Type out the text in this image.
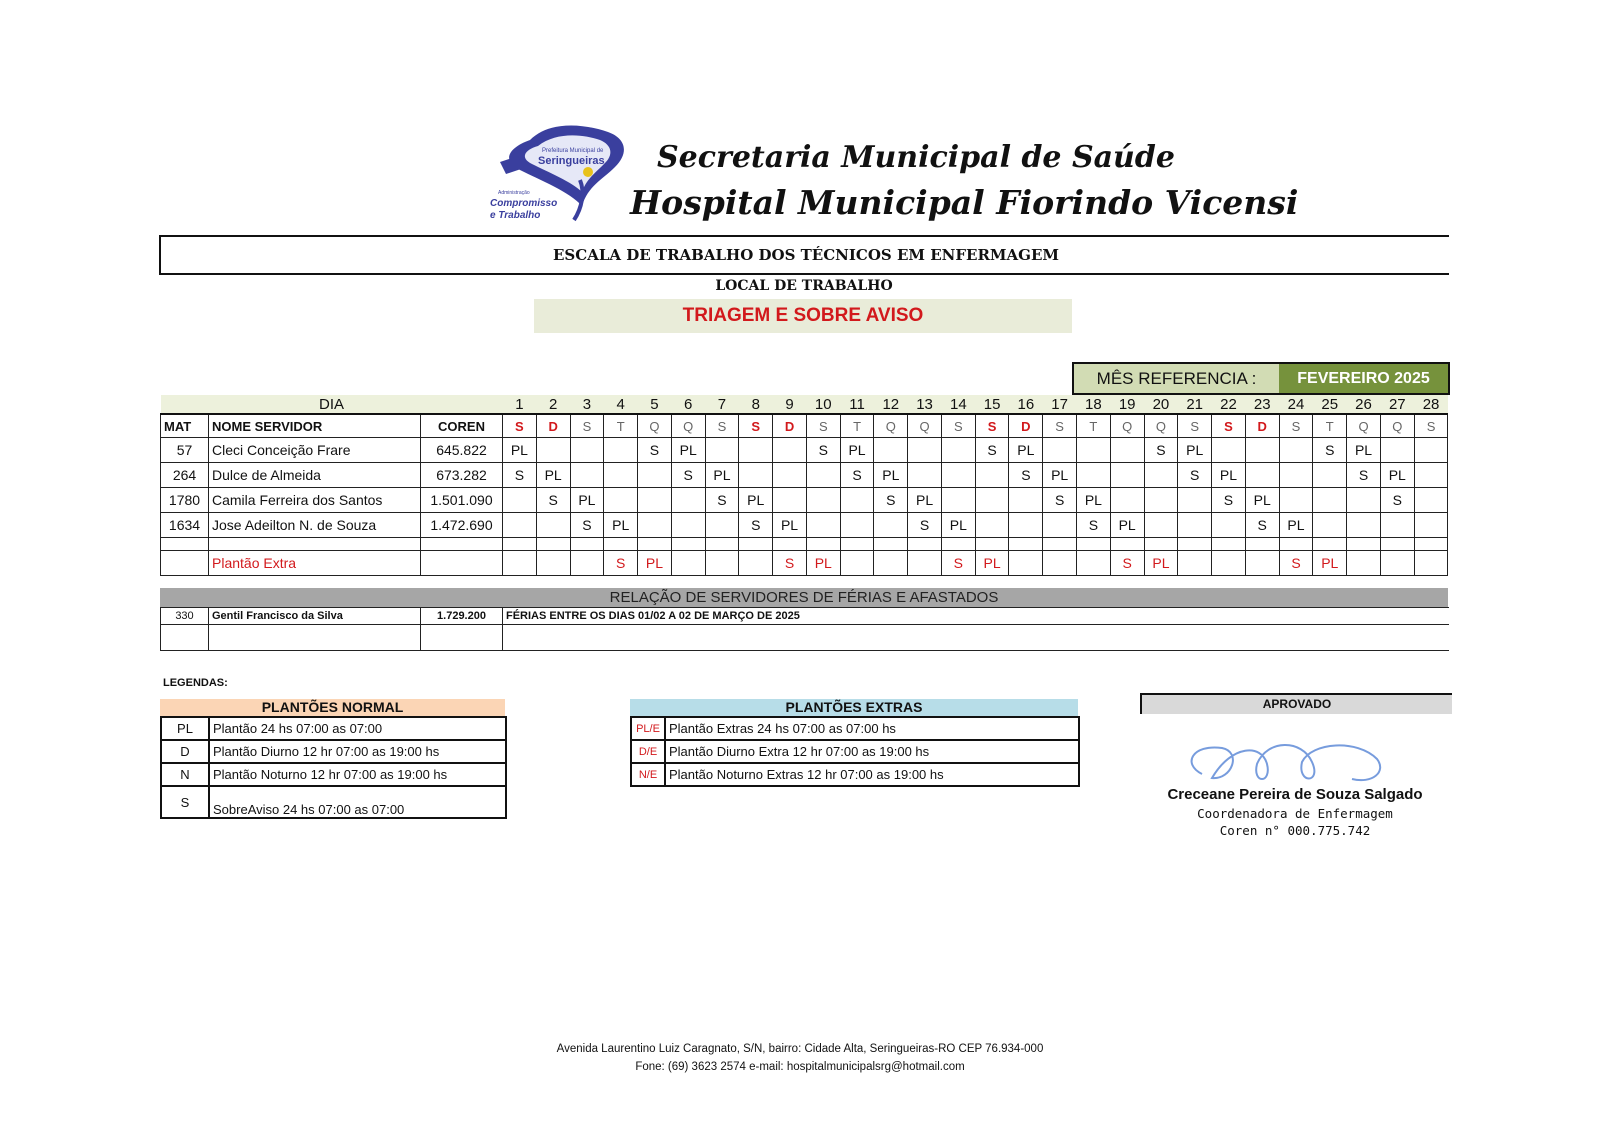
Prefeitura Municipal de
Seringueiras
Administração
Compromisso
e Trabalho
Secretaria Municipal de Saúde
Hospital Municipal Fiorindo Vicensi
ESCALA DE TRABALHO DOS TÉCNICOS EM ENFERMAGEM
LOCAL DE TRABALHO
TRIAGEM E SOBRE AVISO
MÊS REFERENCIA :	FEVEREIRO 2025
DIA			1	2	3	4	5	6	7	8	9	10	11	12	13	14	15	16	17	18	19	20	21	22	23	24	25	26	27	28
MAT	NOME SERVIDOR	COREN	S	D	S	T	Q	Q	S	S	D	S	T	Q	Q	S	S	D	S	T	Q	Q	S	S	D	S	T	Q	Q	S
57	Cleci Conceição Frare	645.822	PL				S	PL				S	PL				S	PL				S	PL				S	PL		
264	Dulce de Almeida	673.282	S	PL				S	PL				S	PL				S	PL				S	PL				S	PL	
1780	Camila Ferreira dos Santos	1.501.090		S	PL				S	PL				S	PL				S	PL				S	PL				S	
1634	Jose Adeilton N. de Souza	1.472.690			S	PL				S	PL				S	PL				S	PL				S	PL				

	Plantão Extra					S	PL				S	PL				S	PL				S	PL				S	PL			
RELAÇÃO DE SERVIDORES DE FÉRIAS E AFASTADOS
330	Gentil Francisco da Silva	1.729.200	FÉRIAS ENTRE OS DIAS 01/02 A 02 DE MARÇO DE 2025

LEGENDAS:
PLANTÕES NORMAL
PL	Plantão 24 hs 07:00 as 07:00
D	Plantão Diurno 12 hr 07:00 as 19:00 hs
N	Plantão Noturno 12 hr 07:00 as 19:00 hs
S	SobreAviso 24 hs 07:00 as 07:00
PLANTÕES EXTRAS
PL/E	Plantão Extras 24 hs 07:00 as 07:00 hs
D/E	Plantão Diurno Extra 12 hr 07:00 as 19:00 hs
N/E	Plantão Noturno Extras 12 hr 07:00 as 19:00 hs
APROVADO
Creceane Pereira de Souza Salgado
Coordenadora de Enfermagem
Coren n° 000.775.742
Avenida Laurentino Luiz Caragnato, S/N, bairro: Cidade Alta, Seringueiras-RO CEP 76.934-000
Fone: (69) 3623 2574 e-mail: hospitalmunicipalsrg@hotmail.com
